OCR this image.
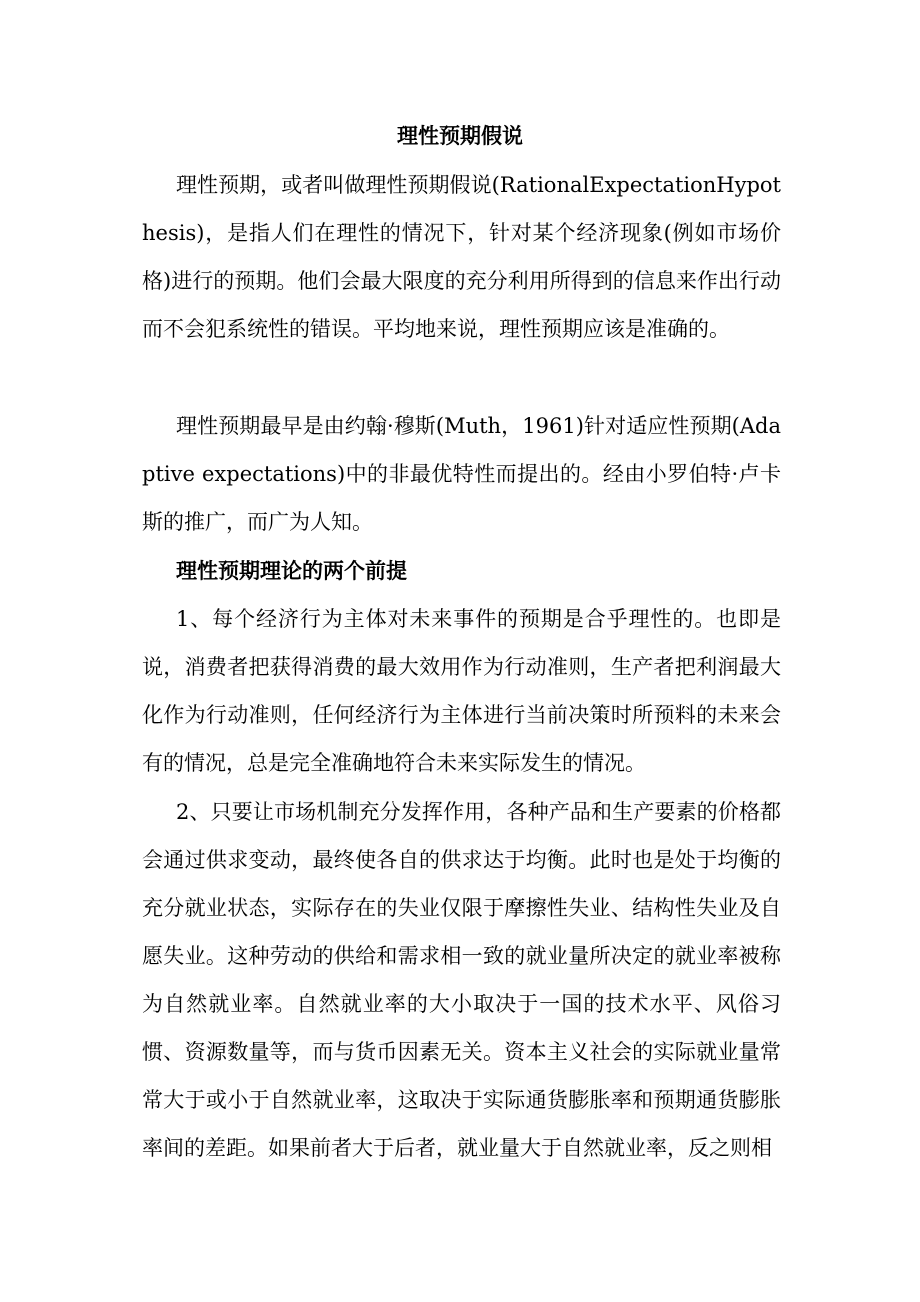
理性预期假说

理性预期，或者叫做理性预期假说(RationalExpectationHypothesis)，是指人们在理性的情况下，针对某个经济现象(例如市场价格)进行的预期。他们会最大限度的充分利用所得到的信息来作出行动而不会犯系统性的错误。平均地来说，理性预期应该是准确的。

理性预期最早是由约翰·穆斯(Muth，1961)针对适应性预期(Adaptive expectations)中的非最优特性而提出的。经由小罗伯特·卢卡斯的推广，而广为人知。

理性预期理论的两个前提

1、每个经济行为主体对未来事件的预期是合乎理性的。也即是说，消费者把获得消费的最大效用作为行动准则，生产者把利润最大化作为行动准则，任何经济行为主体进行当前决策时所预料的未来会有的情况，总是完全准确地符合未来实际发生的情况。

2、只要让市场机制充分发挥作用，各种产品和生产要素的价格都会通过供求变动，最终使各自的供求达于均衡。此时也是处于均衡的充分就业状态，实际存在的失业仅限于摩擦性失业、结构性失业及自愿失业。这种劳动的供给和需求相一致的就业量所决定的就业率被称为自然就业率。自然就业率的大小取决于一国的技术水平、风俗习惯、资源数量等，而与货币因素无关。资本主义社会的实际就业量常常大于或小于自然就业率，这取决于实际通货膨胀率和预期通货膨胀率间的差距。如果前者大于后者，就业量大于自然就业率，反之则相
